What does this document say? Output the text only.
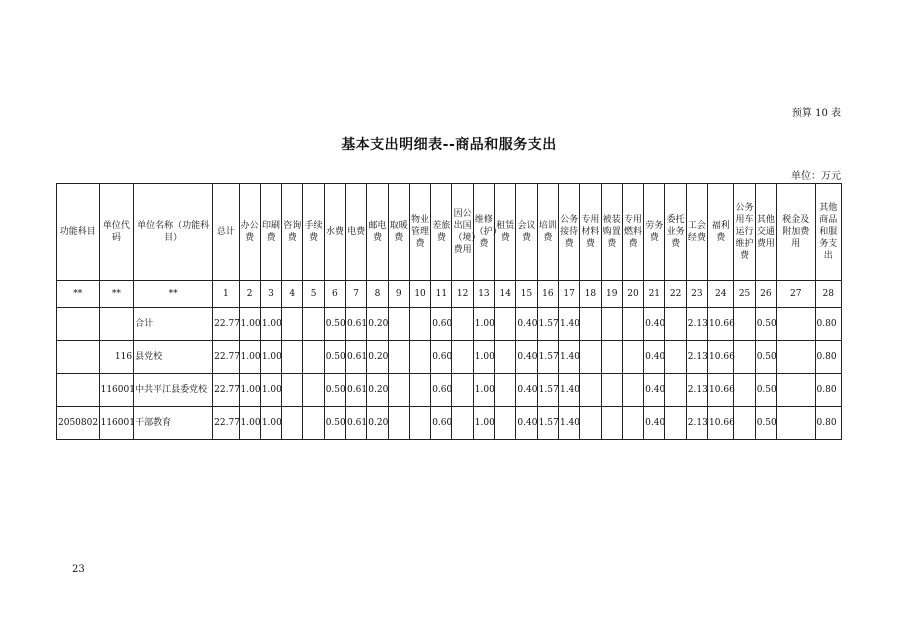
预算 10 表
基本支出明细表--商品和服务支出
单位：万元
功能科目	单位代码	单位名称（功能科目）	总计	办公费	印刷费	咨询费	手续费	水费	电费	邮电费	取暖费	物业管理费	差旅费	因公出国（境）费用	维修（护）费	租赁费	会议费	培训费	公务接待费	专用材料费	被装购置费	专用燃料费	劳务费	委托业务费	工会经费	福利费	公务用车运行维护费	其他交通费用	税金及附加费用	其他商品和服务支出
**	**	**	1	2	3	4	5	6	7	8	9	10	11	12	13	14	15	16	17	18	19	20	21	22	23	24	25	26	27	28
		合计	22.77	1.00	1.00			0.50	0.61	0.20			0.60		1.00		0.40	1.57	1.40				0.40		2.13	10.66		0.50		0.80
	116	县党校	22.77	1.00	1.00			0.50	0.61	0.20			0.60		1.00		0.40	1.57	1.40				0.40		2.13	10.66		0.50		0.80
	116001	中共平江县委党校	22.77	1.00	1.00			0.50	0.61	0.20			0.60		1.00		0.40	1.57	1.40				0.40		2.13	10.66		0.50		0.80
2050802	116001	干部教育	22.77	1.00	1.00			0.50	0.61	0.20			0.60		1.00		0.40	1.57	1.40				0.40		2.13	10.66		0.50		0.80
23
